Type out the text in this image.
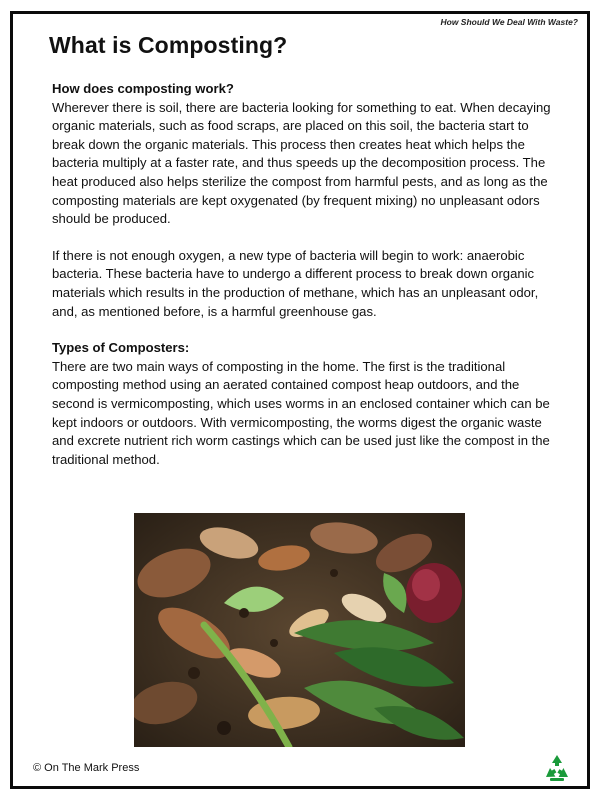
How Should We Deal With Waste?
What is Composting?
How does composting work?

Wherever there is soil, there are bacteria looking for something to eat. When decaying organic materials, such as food scraps, are placed on this soil, the bacteria start to break down the organic materials. This process then creates heat which helps the bacteria multiply at a faster rate, and thus speeds up the decomposition process. The heat produced also helps sterilize the compost from harmful pests, and as long as the composting materials are kept oxygenated (by frequent mixing) no unpleasant odors should be produced.

If there is not enough oxygen, a new type of bacteria will begin to work: anaerobic bacteria. These bacteria have to undergo a different process to break down organic materials which results in the production of methane, which has an unpleasant odor, and, as mentioned before, is a harmful greenhouse gas.

Types of Composters:

There are two main ways of composting in the home. The first is the traditional composting method using an aerated contained compost heap outdoors, and the second is vermicomposting, which uses worms in an enclosed container which can be kept indoors or outdoors. With vermicomposting, the worms digest the organic waste and excrete nutrient rich worm castings which can be used just like the compost in the traditional method.

© On The Mark Press
